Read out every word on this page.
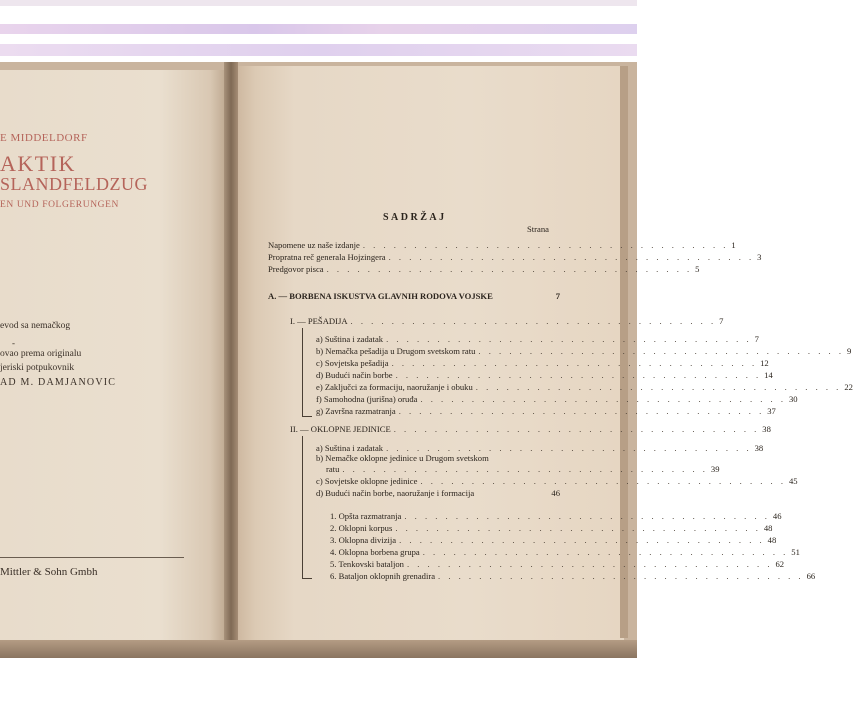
E MIDDELDORF
AKTIK
SLANDFELDZUG
EN UND FOLGERUNGEN
evod sa nemačkog
-
ovao prema originalu
jeriski potpukovnik
AD M. DAMJANOVIC
Mittler & Sohn Gmbh
SADRŽAJ
Strana
Napomene uz naše izdanje . . . . . . . . . . . . . . . . . . . . . . . . . . . . . . . . . . . . 1
Propratna reč generala Hojzingera . . . . . . . . . . . . . . . . . . . . . . . . . . . . . . . . . . . . 3
Predgovor pisca . . . . . . . . . . . . . . . . . . . . . . . . . . . . . . . . . . . . 5
A. — BORBENA ISKUSTVA GLAVNIH RODOVA VOJSKE	7
I. — PEŠADIJA . . . . . . . . . . . . . . . . . . . . . . . . . . . . . . . . . . . . 7
a) Suština i zadatak . . . . . . . . . . . . . . . . . . . . . . . . . . . . . . . . . . . . 7
b) Nemačka pešadija u Drugom svetskom ratu . . . . . . . . . . . . . . . . . . . . . . . . . . . . . . . . . . . . 9
c) Sovjetska pešadija . . . . . . . . . . . . . . . . . . . . . . . . . . . . . . . . . . . . 12
d) Budući način borbe . . . . . . . . . . . . . . . . . . . . . . . . . . . . . . . . . . . . 14
e) Zaključci za formaciju, naoružanje i obuku . . . . . . . . . . . . . . . . . . . . . . . . . . . . . . . . . . . . 22
f) Samohodna (jurišna) oruđa . . . . . . . . . . . . . . . . . . . . . . . . . . . . . . . . . . . . 30
g) Završna razmatranja . . . . . . . . . . . . . . . . . . . . . . . . . . . . . . . . . . . . 37
II. — OKLOPNE JEDINICE . . . . . . . . . . . . . . . . . . . . . . . . . . . . . . . . . . . . 38
a) Suština i zadatak . . . . . . . . . . . . . . . . . . . . . . . . . . . . . . . . . . . . 38
b) Nemačke oklopne jedinice u Drugom svetskom
ratu . . . . . . . . . . . . . . . . . . . . . . . . . . . . . . . . . . . . 39
c) Sovjetske oklopne jedinice . . . . . . . . . . . . . . . . . . . . . . . . . . . . . . . . . . . . 45
d) Budući način borbe, naoružanje i formacija	46
1. Opšta razmatranja . . . . . . . . . . . . . . . . . . . . . . . . . . . . . . . . . . . . 46
2. Oklopni korpus . . . . . . . . . . . . . . . . . . . . . . . . . . . . . . . . . . . . 48
3. Oklopna divizija . . . . . . . . . . . . . . . . . . . . . . . . . . . . . . . . . . . . 48
4. Oklopna borbena grupa . . . . . . . . . . . . . . . . . . . . . . . . . . . . . . . . . . . . 51
5. Tenkovski bataljon . . . . . . . . . . . . . . . . . . . . . . . . . . . . . . . . . . . . 62
6. Bataljon oklopnih grenadira . . . . . . . . . . . . . . . . . . . . . . . . . . . . . . . . . . . . 66
